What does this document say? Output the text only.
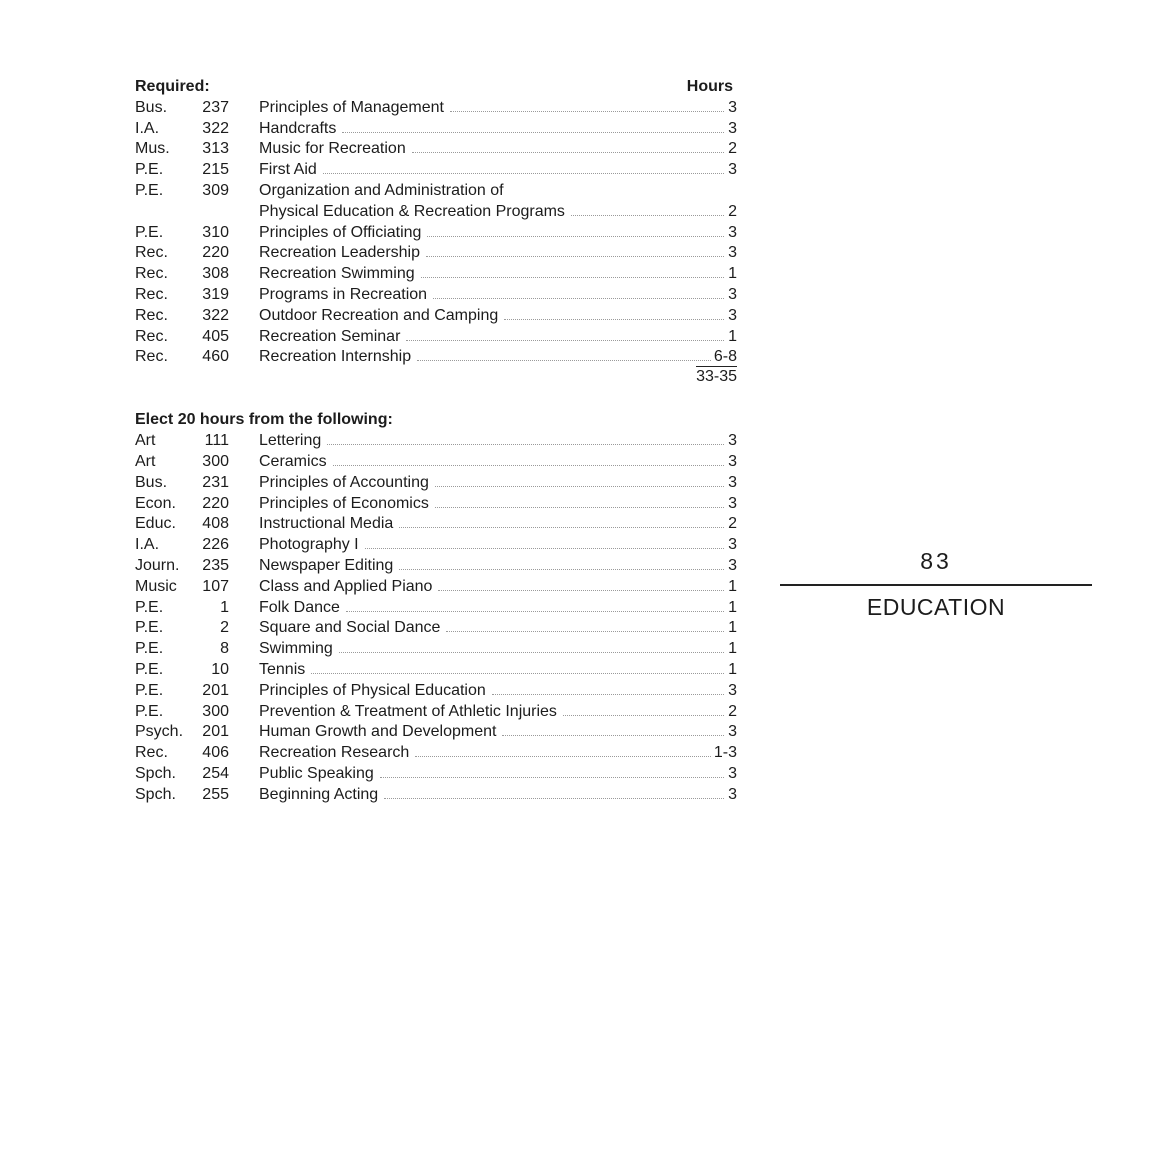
Required:	Hours
Bus.	237	Principles of Management	3
I.A.	322	Handcrafts	3
Mus.	313	Music for Recreation	2
P.E.	215	First Aid	3
P.E.	309	Organization and Administration of
Physical Education & Recreation Programs	2
P.E.	310	Principles of Officiating	3
Rec.	220	Recreation Leadership	3
Rec.	308	Recreation Swimming	1
Rec.	319	Programs in Recreation	3
Rec.	322	Outdoor Recreation and Camping	3
Rec.	405	Recreation Seminar	1
Rec.	460	Recreation Internship	6-8
33-35
Elect 20 hours from the following:
Art	111	Lettering	3
Art	300	Ceramics	3
Bus.	231	Principles of Accounting	3
Econ.	220	Principles of Economics	3
Educ.	408	Instructional Media	2
I.A.	226	Photography I	3
Journ.	235	Newspaper Editing	3
Music	107	Class and Applied Piano	1
P.E.	1	Folk Dance	1
P.E.	2	Square and Social Dance	1
P.E.	8	Swimming	1
P.E.	10	Tennis	1
P.E.	201	Principles of Physical Education	3
P.E.	300	Prevention & Treatment of Athletic Injuries	2
Psych.	201	Human Growth and Development	3
Rec.	406	Recreation Research	1-3
Spch.	254	Public Speaking	3
Spch.	255	Beginning Acting	3
83
EDUCATION
